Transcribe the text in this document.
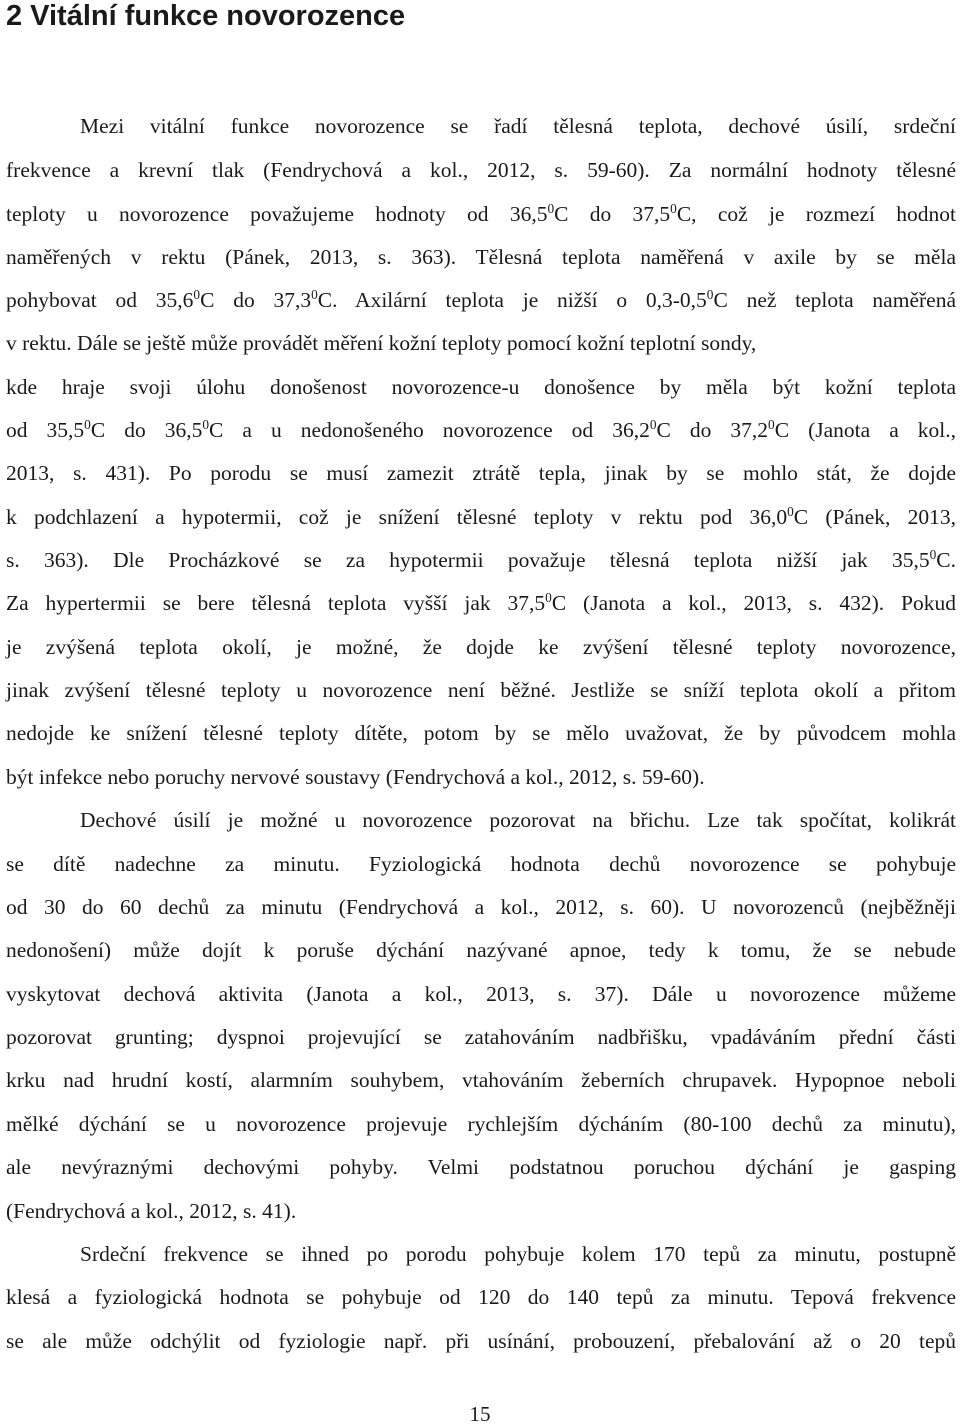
2 Vitální funkce novorozence
Mezi vitální funkce novorozence se řadí tělesná teplota, dechové úsilí, srdeční
frekvence a krevní tlak (Fendrychová a kol., 2012, s. 59-60). Za normální hodnoty tělesné
teploty u novorozence považujeme hodnoty od 36,5$^0$C do 37,5$^0$C, což je rozmezí hodnot
naměřených v rektu (Pánek, 2013, s. 363). Tělesná teplota naměřená v axile by se měla
pohybovat od 35,6$^0$C do 37,3$^0$C. Axilární teplota je nižší o $0,3-0,5^0C$ než teplota naměřená
v rektu. Dále se ještě může provádět měření kožní teploty pomocí kožní teplotní sondy,
kde hraje svoji úlohu donošenost novorozence-u donošence by měla být kožní teplota
od 35,5$^0$C do 36,5$^0$C a u nedonošeného novorozence od 36,2$^0$C do 37,2$^0$C (Janota a kol.,
2013, s. 431). Po porodu se musí zamezit ztrátě tepla, jinak by se mohlo stát, že dojde
k podchlazení a hypotermii, což je snížení tělesné teploty v rektu pod 36,0$^0$C (Pánek, 2013,
s. 363). Dle Procházkové se za hypotermii považuje tělesná teplota nižší jak 35,5$^0$C.
Za hypertermii se bere tělesná teplota vyšší jak 37,5$^0$C (Janota a kol., 2013, s. 432). Pokud
je zvýšená teplota okolí, je možné, že dojde ke zvýšení tělesné teploty novorozence,
jinak zvýšení tělesné teploty u novorozence není běžné. Jestliže se sníží teplota okolí a přitom
nedojde ke snížení tělesné teploty dítěte, potom by se mělo uvažovat, že by původcem mohla
být infekce nebo poruchy nervové soustavy (Fendrychová a kol., 2012, s. 59-60).
Dechové úsilí je možné u novorozence pozorovat na břichu. Lze tak spočítat, kolikrát
se dítě nadechne za minutu. Fyziologická hodnota dechů novorozence se pohybuje
od 30 do 60 dechů za minutu (Fendrychová a kol., 2012, s. 60). U novorozenců (nejběžněji
nedonošení) může dojít k poruše dýchání nazývané apnoe, tedy k tomu, že se nebude
vyskytovat dechová aktivita (Janota a kol., 2013, s. 37). Dále u novorozence můžeme
pozorovat grunting; dyspnoi projevující se zatahováním nadbřišku, vpadáváním přední části
krku nad hrudní kostí, alarmním souhybem, vtahováním žeberních chrupavek. Hypopnoe neboli
mělké dýchání se u novorozence projevuje rychlejším dýcháním (80-100 dechů za minutu),
ale nevýraznými dechovými pohyby. Velmi podstatnou poruchou dýchání je gasping
(Fendrychová a kol., 2012, s. 41).
Srdeční frekvence se ihned po porodu pohybuje kolem 170 tepů za minutu, postupně
klesá a fyziologická hodnota se pohybuje od 120 do 140 tepů za minutu. Tepová frekvence
se ale může odchýlit od fyziologie např. při usínání, probouzení, přebalování až o 20 tepů
15
